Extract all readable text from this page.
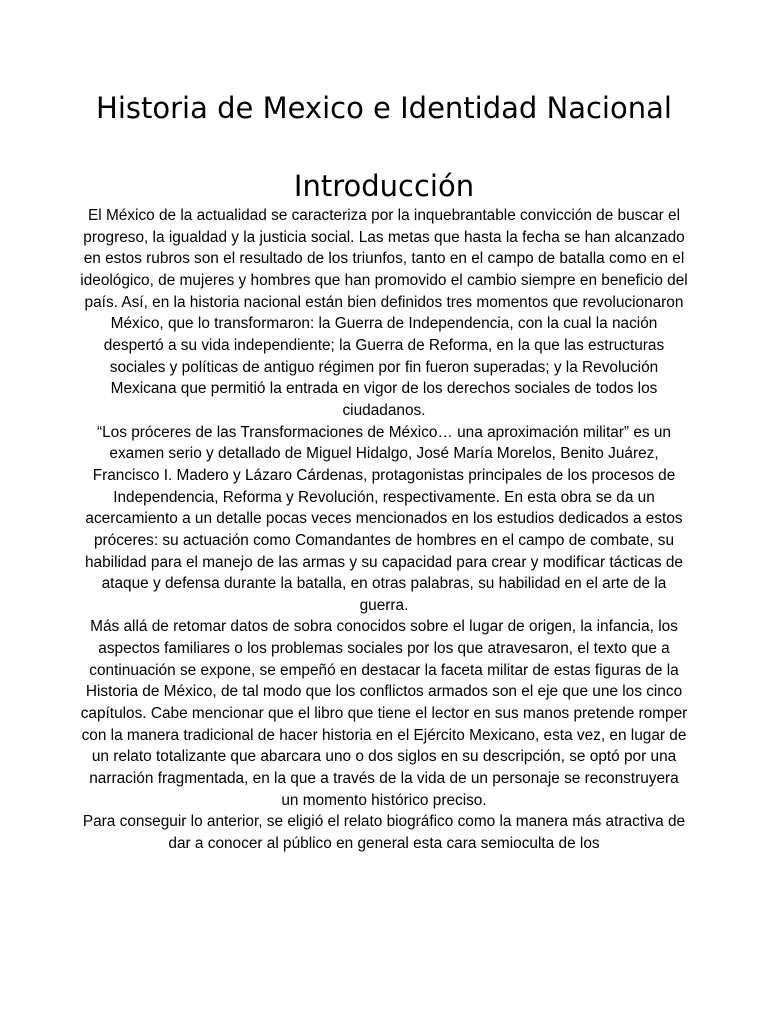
Historia de Mexico e Identidad Nacional
Introducción

El México de la actualidad se caracteriza por la inquebrantable convicción de buscar el progreso, la igualdad y la justicia social. Las metas que hasta la fecha se han alcanzado en estos rubros son el resultado de los triunfos, tanto en el campo de batalla como en el ideológico, de mujeres y hombres que han promovido el cambio siempre en beneficio del país. Así, en la historia nacional están bien definidos tres momentos que revolucionaron México, que lo transformaron: la Guerra de Independencia, con la cual la nación despertó a su vida independiente; la Guerra de Reforma, en la que las estructuras sociales y políticas de antiguo régimen por fin fueron superadas; y la Revolución Mexicana que permitió la entrada en vigor de los derechos sociales de todos los ciudadanos.

“Los próceres de las Transformaciones de México… una aproximación militar” es un examen serio y detallado de Miguel Hidalgo, José María Morelos, Benito Juárez, Francisco I. Madero y Lázaro Cárdenas, protagonistas principales de los procesos de Independencia, Reforma y Revolución, respectivamente. En esta obra se da un acercamiento a un detalle pocas veces mencionados en los estudios dedicados a estos próceres: su actuación como Comandantes de hombres en el campo de combate, su habilidad para el manejo de las armas y su capacidad para crear y modificar tácticas de ataque y defensa durante la batalla, en otras palabras, su habilidad en el arte de la guerra.

Más allá de retomar datos de sobra conocidos sobre el lugar de origen, la infancia, los aspectos familiares o los problemas sociales por los que atravesaron, el texto que a continuación se expone, se empeñó en destacar la faceta militar de estas figuras de la Historia de México, de tal modo que los conflictos armados son el eje que une los cinco capítulos. Cabe mencionar que el libro que tiene el lector en sus manos pretende romper con la manera tradicional de hacer historia en el Ejército Mexicano, esta vez, en lugar de un relato totalizante que abarcara uno o dos siglos en su descripción, se optó por una narración fragmentada, en la que a través de la vida de un personaje se reconstruyera un momento histórico preciso.

Para conseguir lo anterior, se eligió el relato biográfico como la manera más atractiva de dar a conocer al público en general esta cara semioculta de los
